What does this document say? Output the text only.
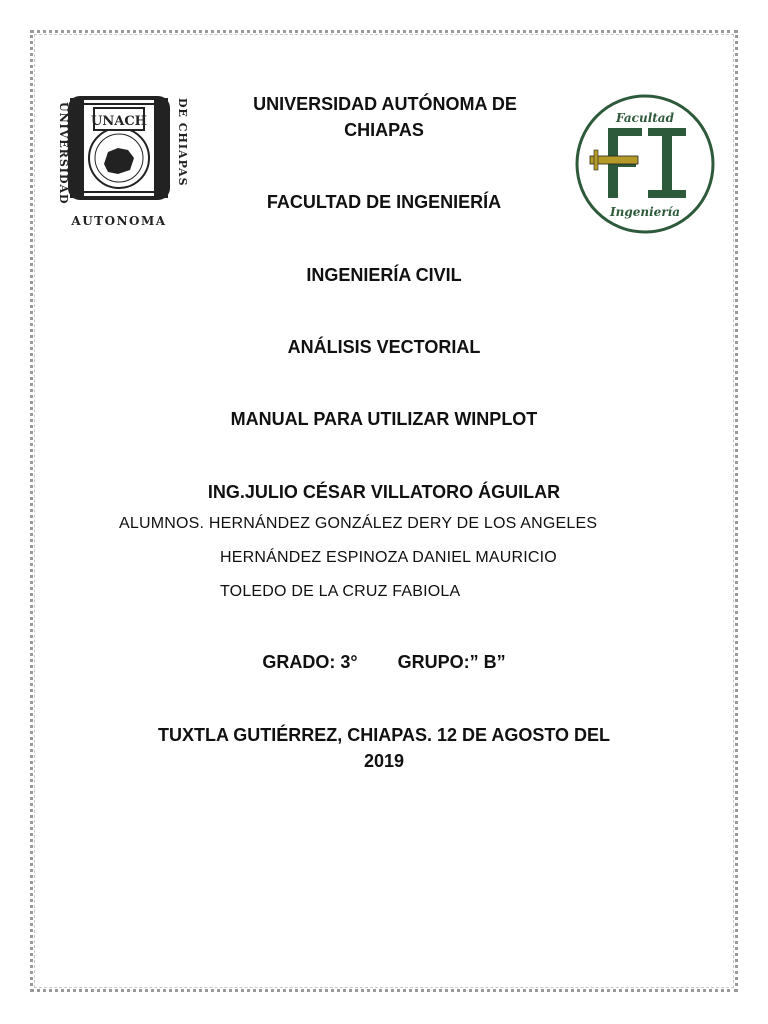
UNIVERSIDAD	DE CHIAPAS
UNACH
AUTONOMA
Facultad
Ingeniería
UNIVERSIDAD AUTÓNOMA DE
CHIAPAS
FACULTAD DE INGENIERÍA
INGENIERÍA CIVIL
ANÁLISIS VECTORIAL
MANUAL PARA UTILIZAR WINPLOT
ING.JULIO CÉSAR VILLATORO ÁGUILAR
ALUMNOS. HERNÁNDEZ GONZÁLEZ DERY DE LOS ANGELES
HERNÁNDEZ ESPINOZA DANIEL MAURICIO
TOLEDO DE LA CRUZ FABIOLA
GRADO: 3° GRUPO:” B”
TUXTLA GUTIÉRREZ, CHIAPAS. 12 DE AGOSTO DEL
2019
